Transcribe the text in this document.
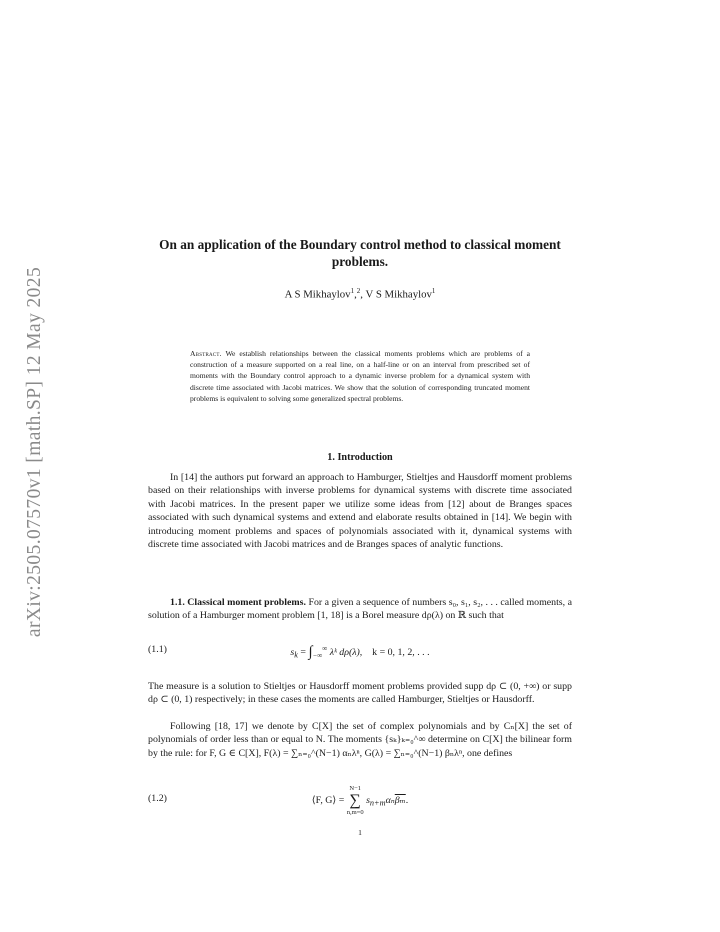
arXiv:2505.07570v1 [math.SP] 12 May 2025
On an application of the Boundary control method to classical moment problems.
A S Mikhaylov$^1$,$^2$, V S Mikhaylov$^1$
Abstract. We establish relationships between the classical moments problems which are problems of a construction of a measure supported on a real line, on a half-line or on an interval from prescribed set of moments with the Boundary control approach to a dynamic inverse problem for a dynamical system with discrete time associated with Jacobi matrices. We show that the solution of corresponding truncated moment problems is equivalent to solving some generalized spectral problems.
1. Introduction
In [14] the authors put forward an approach to Hamburger, Stieltjes and Hausdorff moment problems based on their relationships with inverse problems for dynamical systems with discrete time associated with Jacobi matrices. In the present paper we utilize some ideas from [12] about de Branges spaces associated with such dynamical systems and extend and elaborate results obtained in [14]. We begin with introducing moment problems and spaces of polynomials associated with it, dynamical systems with discrete time associated with Jacobi matrices and de Branges spaces of analytic functions.
1.1. Classical moment problems. For a given a sequence of numbers s₀, s₁, s₂, . . . called moments, a solution of a Hamburger moment problem [1, 18] is a Borel measure dρ(λ) on ℝ such that
(1.1)	$s_k = \int_{-\infty}^\infty$ λᵏ dρ(λ), k = 0, 1, 2, . . .
The measure is a solution to Stieltjes or Hausdorff moment problems provided supp dρ ⊂ (0, +∞) or supp dρ ⊂ (0, 1) respectively; in these cases the moments are called Hamburger, Stieltjes or Hausdorff.
Following [18, 17] we denote by C[X] the set of complex polynomials and by Cₙ[X] the set of polynomials of order less than or equal to N. The moments {sₖ}ₖ₌₀^∞ determine on C[X] the bilinear form by the rule: for F, G ∈ C[X], F(λ) = ∑ₙ₌₀^(N−1) αₙλⁿ, G(λ) = ∑ₙ₌₀^(N−1) βₙλⁿ, one defines
(1.2)	⟨F, G⟩ =
N−1
∑
n,m=0
$s_{n+m}\alpha_n\overline{\beta_m}$.
1
